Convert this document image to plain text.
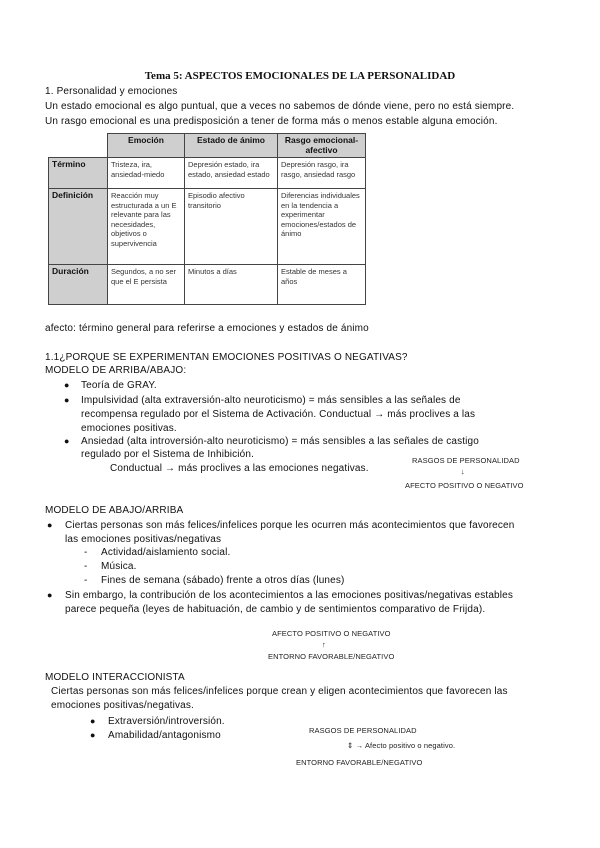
Tema 5: ASPECTOS EMOCIONALES DE LA PERSONALIDAD
1. Personalidad y emociones
Un estado emocional es algo puntual, que a veces no sabemos de dónde viene, pero no está siempre.
Un rasgo emocional es una predisposición a tener de forma más o menos estable alguna emoción.
	Emoción	Estado de ánimo	Rasgo emocional-afectivo
Término	Tristeza, ira, ansiedad-miedo	Depresión estado, ira estado, ansiedad estado	Depresión rasgo, ira rasgo, ansiedad rasgo
Definición	Reacción muy estructurada a un E relevante para las necesidades, objetivos o supervivencia	Episodio afectivo transitorio	Diferencias individuales en la tendencia a experimentar emociones/estados de ánimo
Duración	Segundos, a no ser que el E persista	Minutos a días	Estable de meses a años
afecto: término general para referirse a emociones y estados de ánimo
1.1¿PORQUE SE EXPERIMENTAN EMOCIONES POSITIVAS O NEGATIVAS?
MODELO DE ARRIBA/ABAJO:
● Teoría de GRAY.
● Impulsividad (alta extraversión-alto neuroticismo) = más sensibles a las señales de
recompensa regulado por el Sistema de Activación. Conductual → más proclives a las
emociones positivas.
● Ansiedad (alta introversión-alto neuroticismo) = más sensibles a las señales de castigo
regulado por el Sistema de Inhibición.
Conductual → más proclives a las emociones negativas.
RASGOS DE PERSONALIDAD
↓
AFECTO POSITIVO O NEGATIVO
MODELO DE ABAJO/ARRIBA
● Ciertas personas son más felices/infelices porque les ocurren más acontecimientos que favorecen
las emociones positivas/negativas
- Actividad/aislamiento social.
- Música.
- Fines de semana (sábado) frente a otros días (lunes)
● Sin embargo, la contribución de los acontecimientos a las emociones positivas/negativas estables
parece pequeña (leyes de habituación, de cambio y de sentimientos comparativo de Frijda).
AFECTO POSITIVO O NEGATIVO
↑
ENTORNO FAVORABLE/NEGATIVO
MODELO INTERACCIONISTA
Ciertas personas son más felices/infelices porque crean y eligen acontecimientos que favorecen las
emociones positivas/negativas.
● Extraversión/introversión.
● Amabilidad/antagonismo	RASGOS DE PERSONALIDAD
⇕ → Afecto positivo o negativo.
ENTORNO FAVORABLE/NEGATIVO
